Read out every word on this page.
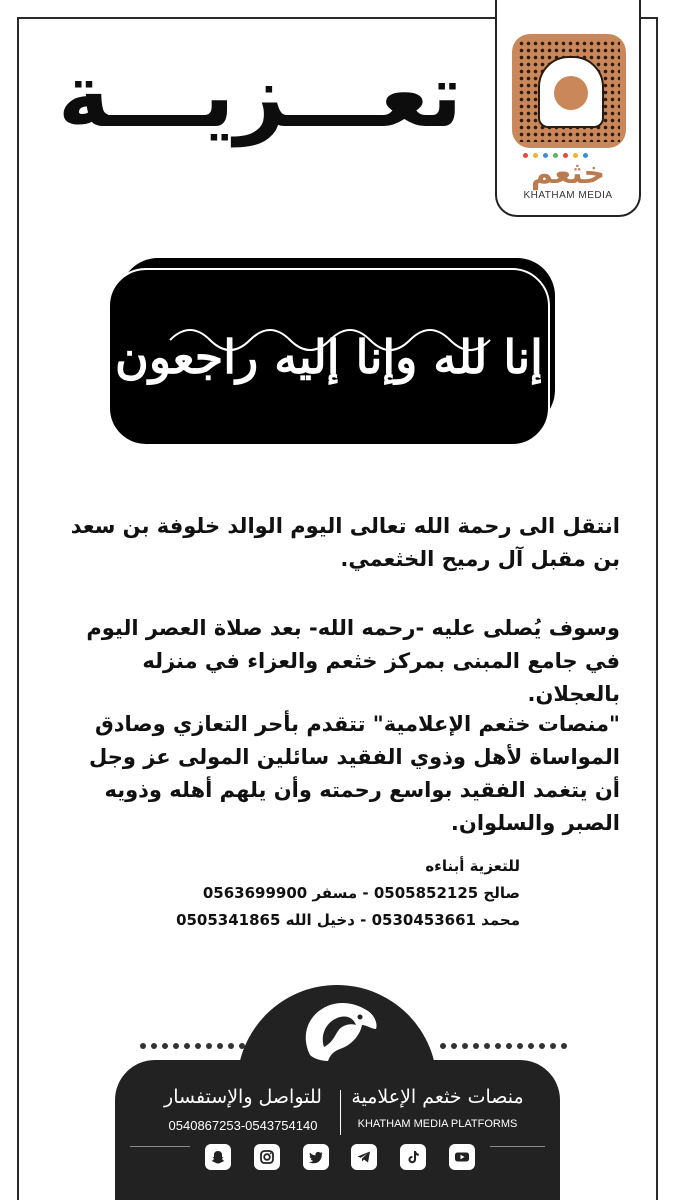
تعـــزيـــة
خثعم
KHATHAM MEDIA
إنا لله وإنا إليه راجعون
انتقل الى رحمة الله تعالى اليوم الوالد خلوفة بن سعد بن مقبل آل رميح الخثعمي.
وسوف يُصلى عليه -رحمه الله- بعد صلاة العصر اليوم في جامع المبنى بمركز خثعم والعزاء في منزله بالعجلان.
"منصات خثعم الإعلامية" تتقدم بأحر التعازي وصادق المواساة لأهل وذوي الفقيد سائلين المولى عز وجل أن يتغمد الفقيد بواسع رحمته وأن يلهم أهله وذويه الصبر والسلوان.
للتعزية أبناءه
صالح 0505852125 - مسفر 0563699900
محمد 0530453661 - دخيل الله 0505341865
للتواصل والإستفسار	منصات خثعم الإعلامية
0540867253-0543754140	KHATHAM MEDIA PLATFORMS
